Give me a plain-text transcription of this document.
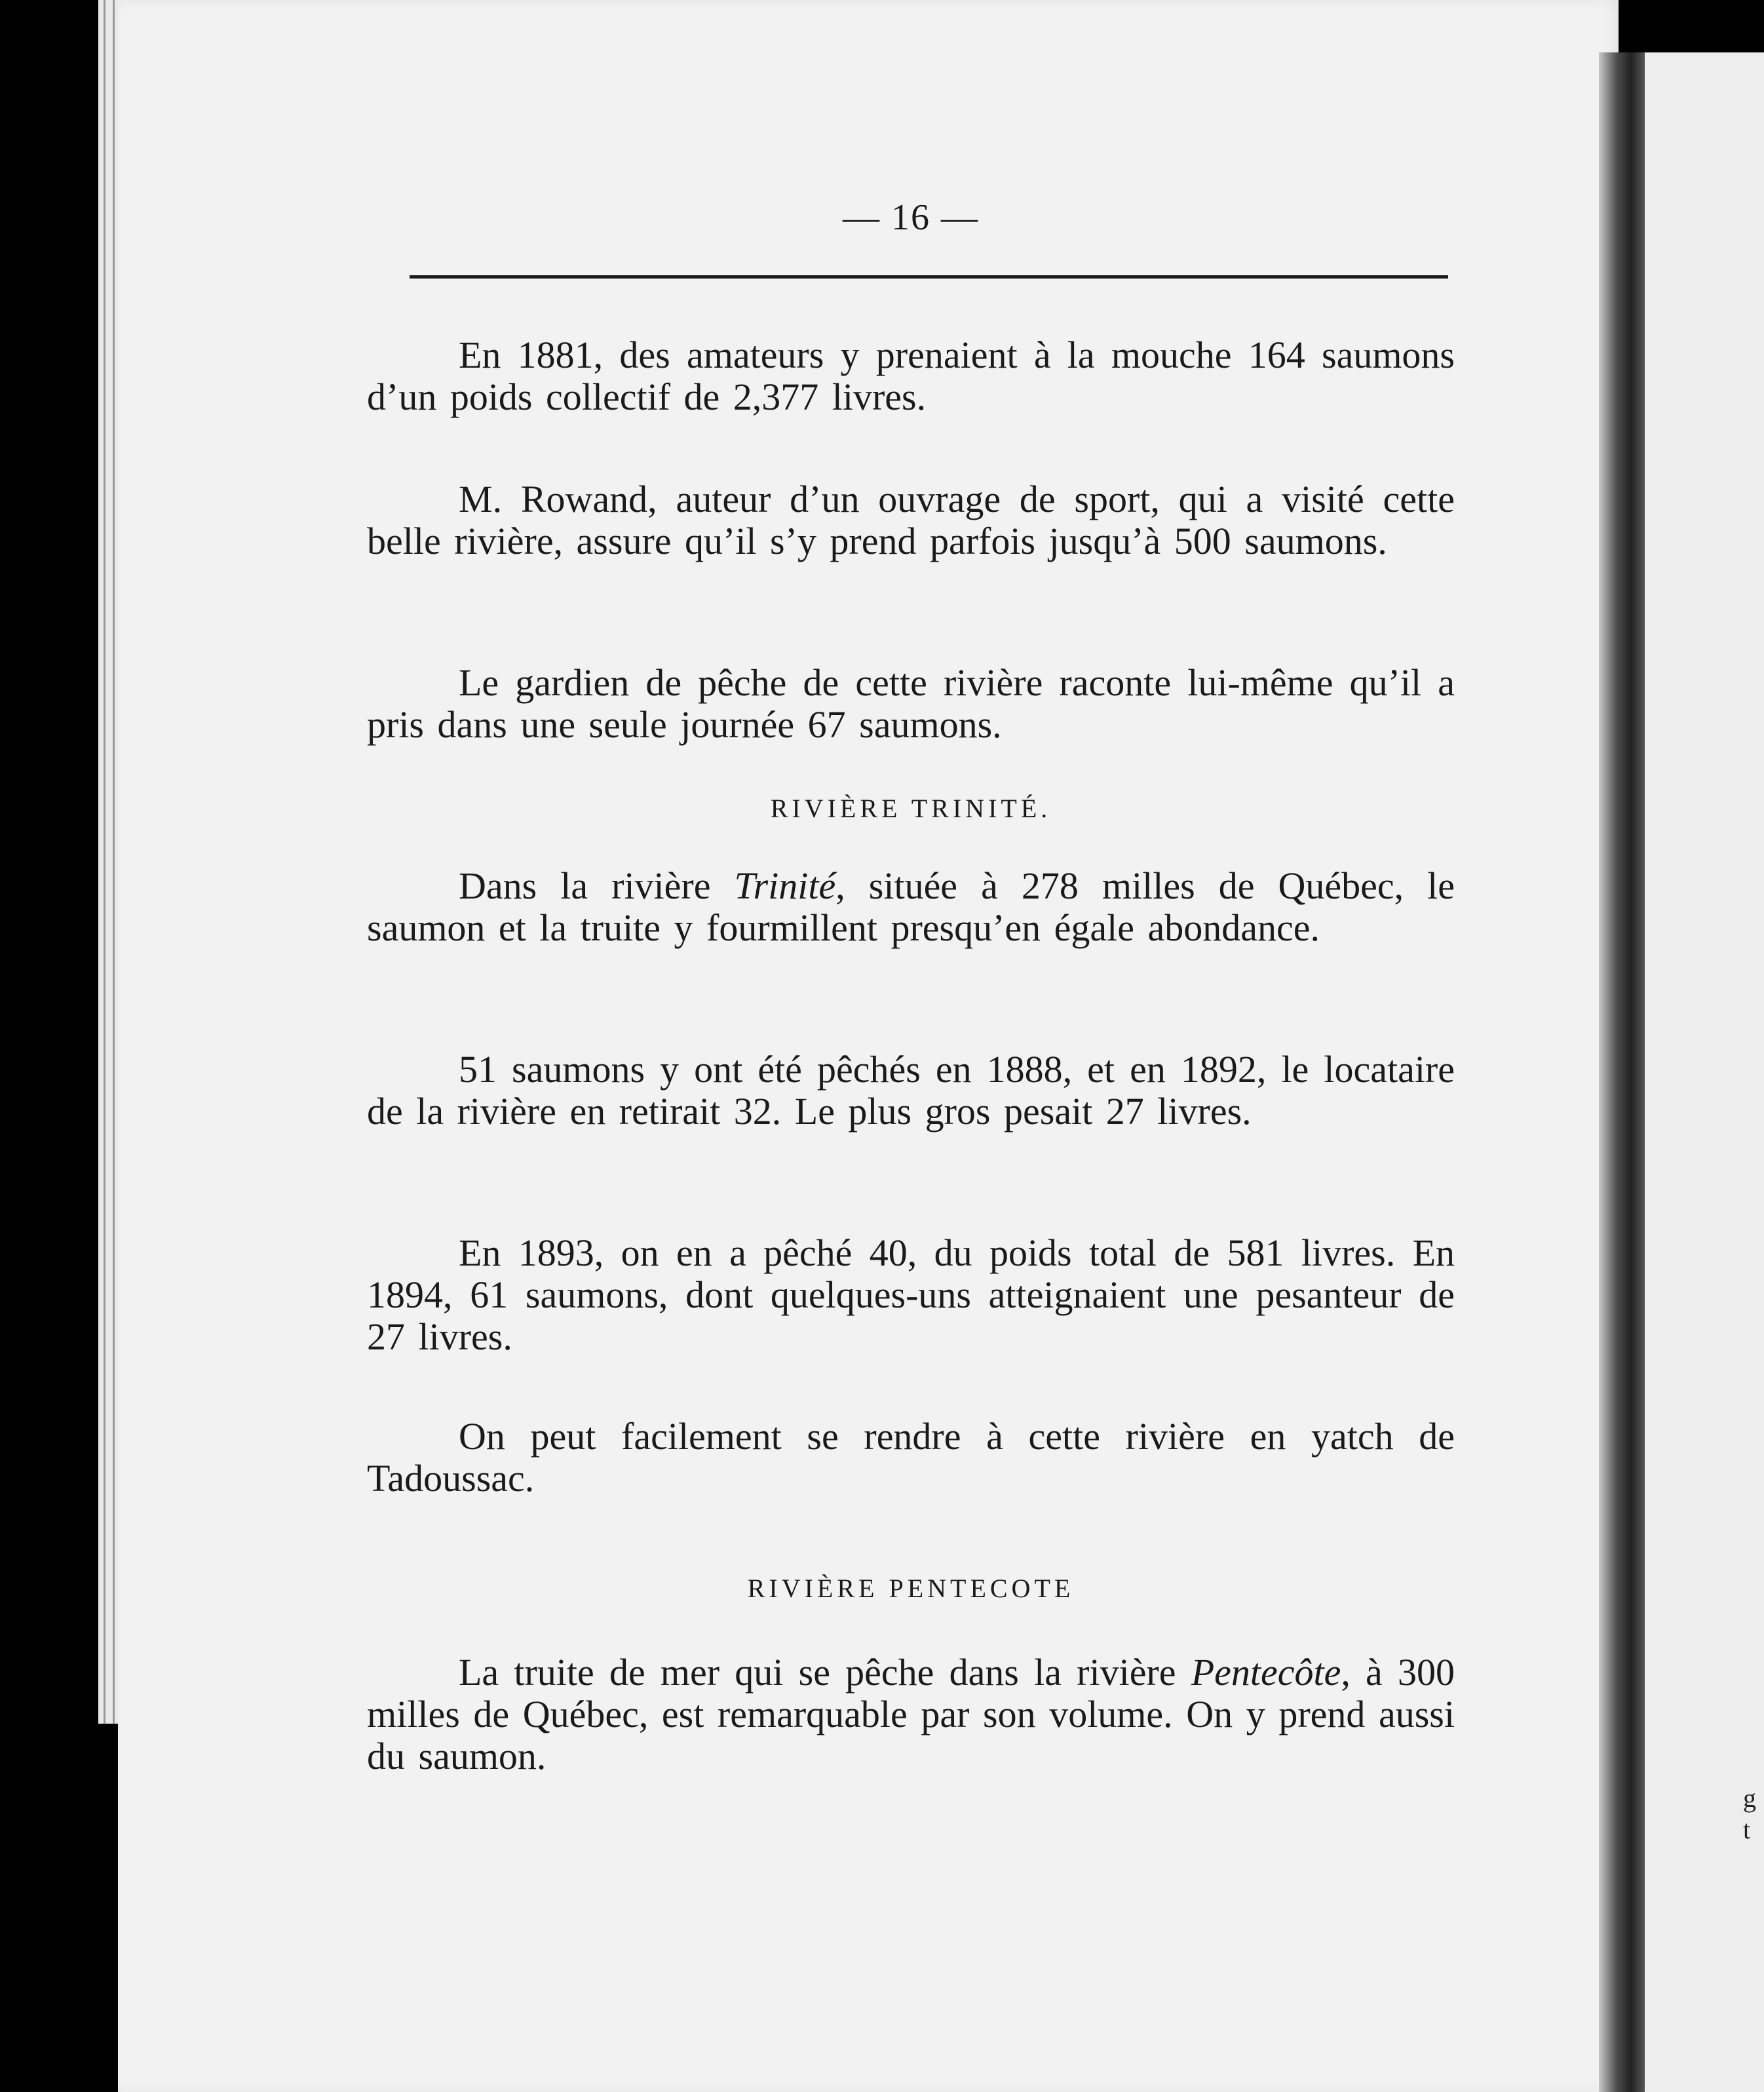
— 16 —
En 1881, des amateurs y prenaient à la mouche 164 saumons d’un poids collectif de 2,377 livres.
M. Rowand, auteur d’un ouvrage de sport, qui a visité cette belle rivière, assure qu’il s’y prend parfois jusqu’à 500 saumons.
Le gardien de pêche de cette rivière raconte lui-même qu’il a pris dans une seule journée 67 saumons.
RIVIÈRE TRINITÉ.
Dans la rivière Trinité, située à 278 milles de Québec, le saumon et la truite y fourmillent presqu’en égale abondance.
51 saumons y ont été pêchés en 1888, et en 1892, le locataire de la rivière en retirait 32. Le plus gros pesait 27 livres.
En 1893, on en a pêché 40, du poids total de 581 livres. En 1894, 61 saumons, dont quelques-uns atteignaient une pesanteur de 27 livres.
On peut facilement se rendre à cette rivière en yatch de Tadoussac.
RIVIÈRE PENTECOTE
La truite de mer qui se pêche dans la rivière Pentecôte, à 300 milles de Québec, est remarquable par son volume. On y prend aussi du saumon.
g
t
